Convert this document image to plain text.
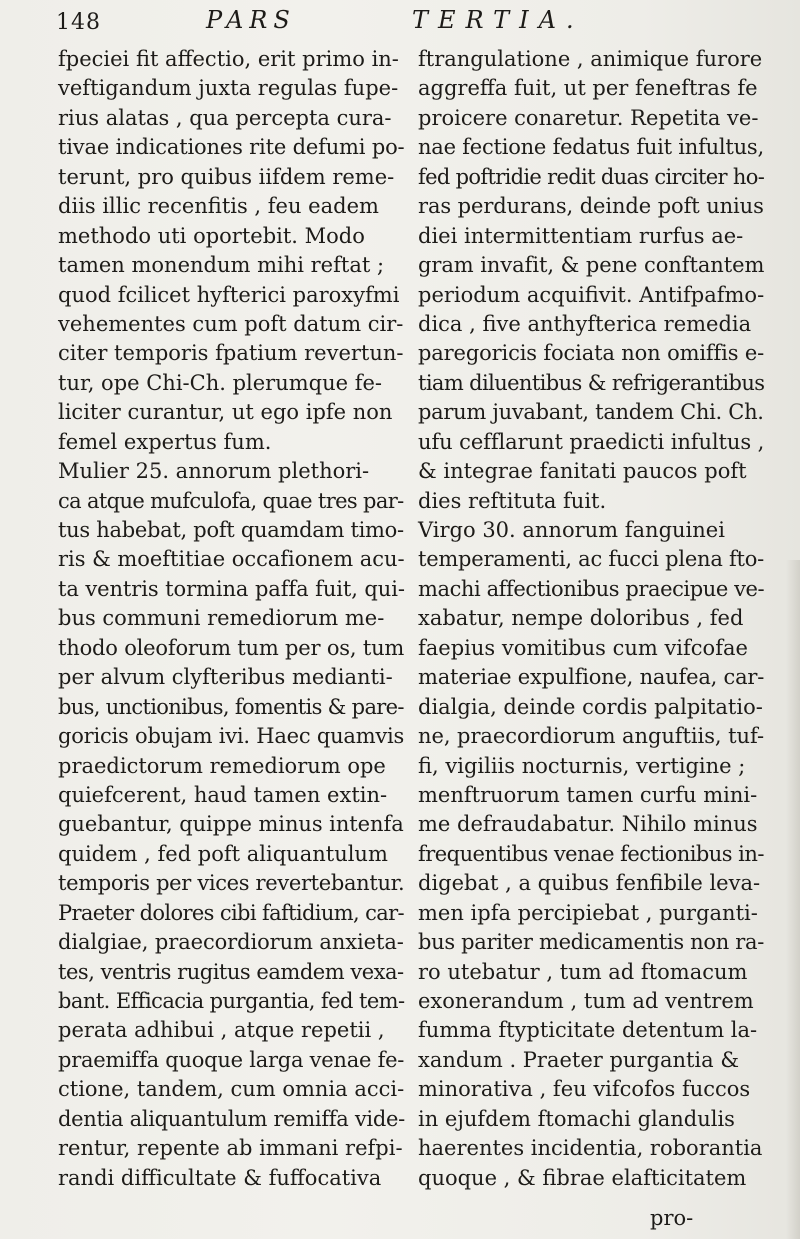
148	PARS	TERTIA.
fpeciei fit affectio, erit primo in-
veftigandum juxta regulas fupe-
rius alatas , qua percepta cura-
tivae indicationes rite defumi po-
terunt, pro quibus iifdem reme-
diis illic recenfitis , feu eadem
methodo uti oportebit. Modo
tamen monendum mihi reftat ;
quod fcilicet hyfterici paroxyfmi
vehementes cum poft datum cir-
citer temporis fpatium revertun-
tur, ope Chi-Ch. plerumque fe-
liciter curantur, ut ego ipfe non
femel expertus fum.
Mulier 25. annorum plethori-
ca atque mufculofa, quae tres par-
tus habebat, poft quamdam timo-
ris & moeftitiae occafionem acu-
ta ventris tormina paffa fuit, qui-
bus communi remediorum me-
thodo oleoforum tum per os, tum
per alvum clyfteribus medianti-
bus, unctionibus, fomentis & pare-
goricis obujam ivi. Haec quamvis
praedictorum remediorum ope
quiefcerent, haud tamen extin-
guebantur, quippe minus intenfa
quidem , fed poft aliquantulum
temporis per vices revertebantur.
Praeter dolores cibi faftidium, car-
dialgiae, praecordiorum anxieta-
tes, ventris rugitus eamdem vexa-
bant. Efficacia purgantia, fed tem-
perata adhibui , atque repetii ,
praemiffa quoque larga venae fe-
ctione, tandem, cum omnia acci-
dentia aliquantulum remiffa vide-
rentur, repente ab immani refpi-
randi difficultate & fuffocativa
ftrangulatione , animique furore
aggreffa fuit, ut per feneftras fe
proicere conaretur. Repetita ve-
nae fectione fedatus fuit infultus,
fed poftridie redit duas circiter ho-
ras perdurans, deinde poft unius
diei intermittentiam rurfus ae-
gram invafit, & pene conftantem
periodum acquifivit. Antifpafmo-
dica , five anthyfterica remedia
paregoricis fociata non omiffis e-
tiam diluentibus & refrigerantibus
parum juvabant, tandem Chi. Ch.
ufu cefflarunt praedicti infultus ,
& integrae fanitati paucos poft
dies reftituta fuit.
Virgo 30. annorum fanguinei
temperamenti, ac fucci plena fto-
machi affectionibus praecipue ve-
xabatur, nempe doloribus , fed
faepius vomitibus cum vifcofae
materiae expulfione, naufea, car-
dialgia, deinde cordis palpitatio-
ne, praecordiorum anguftiis, tuf-
fi, vigiliis nocturnis, vertigine ;
menftruorum tamen curfu mini-
me defraudabatur. Nihilo minus
frequentibus venae fectionibus in-
digebat , a quibus fenfibile leva-
men ipfa percipiebat , purganti-
bus pariter medicamentis non ra-
ro utebatur , tum ad ftomacum
exonerandum , tum ad ventrem
fumma ftypticitate detentum la-
xandum . Praeter purgantia &
minorativa , feu vifcofos fuccos
in ejufdem ftomachi glandulis
haerentes incidentia, roborantia
quoque , & fibrae elafticitatem
pro-
